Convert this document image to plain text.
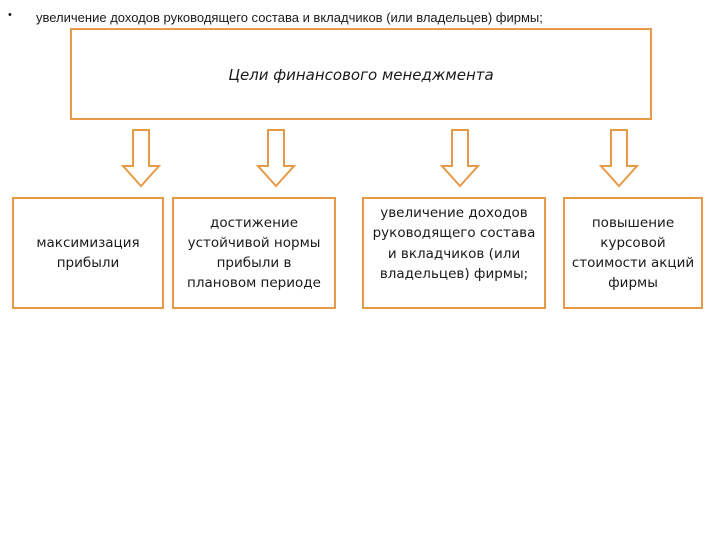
• увеличение доходов руководящего состава и вкладчиков (или владельцев) фирмы;
Цели финансового менеджмента
максимизация прибыли
достижение устойчивой нормы прибыли в плановом периоде
увеличение доходов руководящего состава и вкладчиков (или владельцев) фирмы;
повышение курсовой стоимости акций фирмы
